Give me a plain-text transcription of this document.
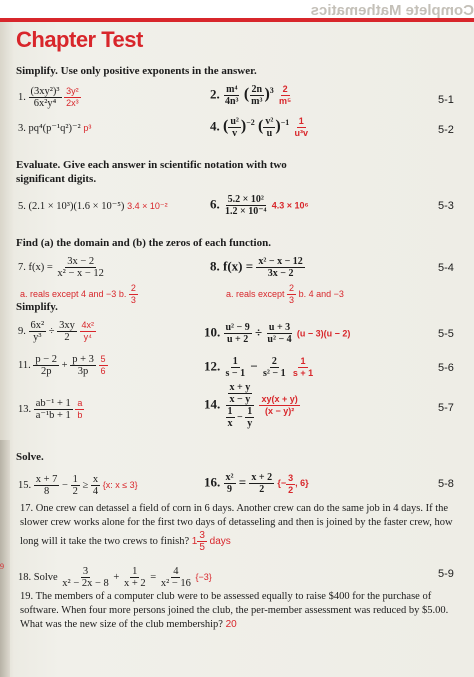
Complete Mathematics
Chapter Test
Simplify. Use only positive exponents in the answer.
1. $\frac{\text{(3xy²)³}}{\text{6x²y⁴}}$
$\frac{\text{3y²}}{\text{2x³}}$	2. $\frac{\text{m⁴}}{\text{4n³}}$ ( $\frac{2n}{\text{m³}} )^3 \frac{2}{\text{m⁵}}$	5-1
3. pq⁴(p⁻¹q²)⁻² p³	4. ( $\frac{\text{u²}}{v} )^{-2}$ ( $\frac{\text{v²}}{u} )^{-1} \frac{1}{\text{u³v}}$	5-2
Evaluate. Give each answer in scientific notation with two significant digits.
5. (2.1 × 10³)(1.6 × 10⁻⁵) 3.4 × 10⁻²	6. $\frac{\text{5.2 × 10²}}{\text{1.2 × 10⁻⁴}} 4.3 \times 10^6$	5-3
Find (a) the domain and (b) the zeros of each function.
7. $f(x) = \frac{3x - 2}{\text{x² − x − 12}}$
a. reals except 4 and −3 b. $\frac{2}{3}$
8. $f(x) = \frac{\text{x² − x − 12}}{3x - 2}$	5-4
a. reals except $\frac{2}{3} b$. 4 and −3
Simplify.
9. $\frac{\text{6x²}}{\text{y³}} \div \frac{3xy}{2}$
$\frac{\text{4x²}}{\text{y⁴}}$	10. $\frac{\text{u² − 9}}{u + 2} \div \frac{u + 3}{\text{u² − 4}} (u - 3)(u - 2)$	5-5
11. $\frac{p - 2}{2p} + \frac{p + 3}{3p}$
$\frac{5}{6}$	12. $\frac{1}{s - 1} - \frac{2}{\text{s² − 1}}$
$\frac{1}{s + 1}$	5-6
13. $\frac{\text{ab⁻¹ + 1}}{\text{a⁻¹b + 1}}$
$\frac{a}{b}$	14. $\frac{\frac{x + y}{x - y}}{\frac{1}{x} - \frac{1}{y}}$
$\frac{xy(x + y)}{\text{(x − y)²}}$	5-7
Solve.
15. $\frac{x + 7}{8} - \frac{1}{2} \ge \frac{x}{4} \{x$: x ≤ 3}	16. $\frac{\text{x²}}{9} = \frac{x + 2}{2}$ {− $\frac{3}{2}$ , 6}	5-8
17. One crew can detassel a field of corn in 6 days. Another crew can do the same job in 4 days. If the slower crew works alone for the first two days of detasseling and then is joined by the faster crew, how long will it take the two crews to finish? $1 \frac{3}{5}$ days
18. Solve $\frac{3}{\text{x² − 2x − 8}} + \frac{1}{x + 2} = \frac{4}{\text{x² − 16}} \{-3\}$	5-9
19. The members of a computer club were to be assessed equally to raise $400 for the purchase of software. When four more persons joined the club, the per-member assessment was reduced by $5.00. What was the new size of the club membership? 20
9
